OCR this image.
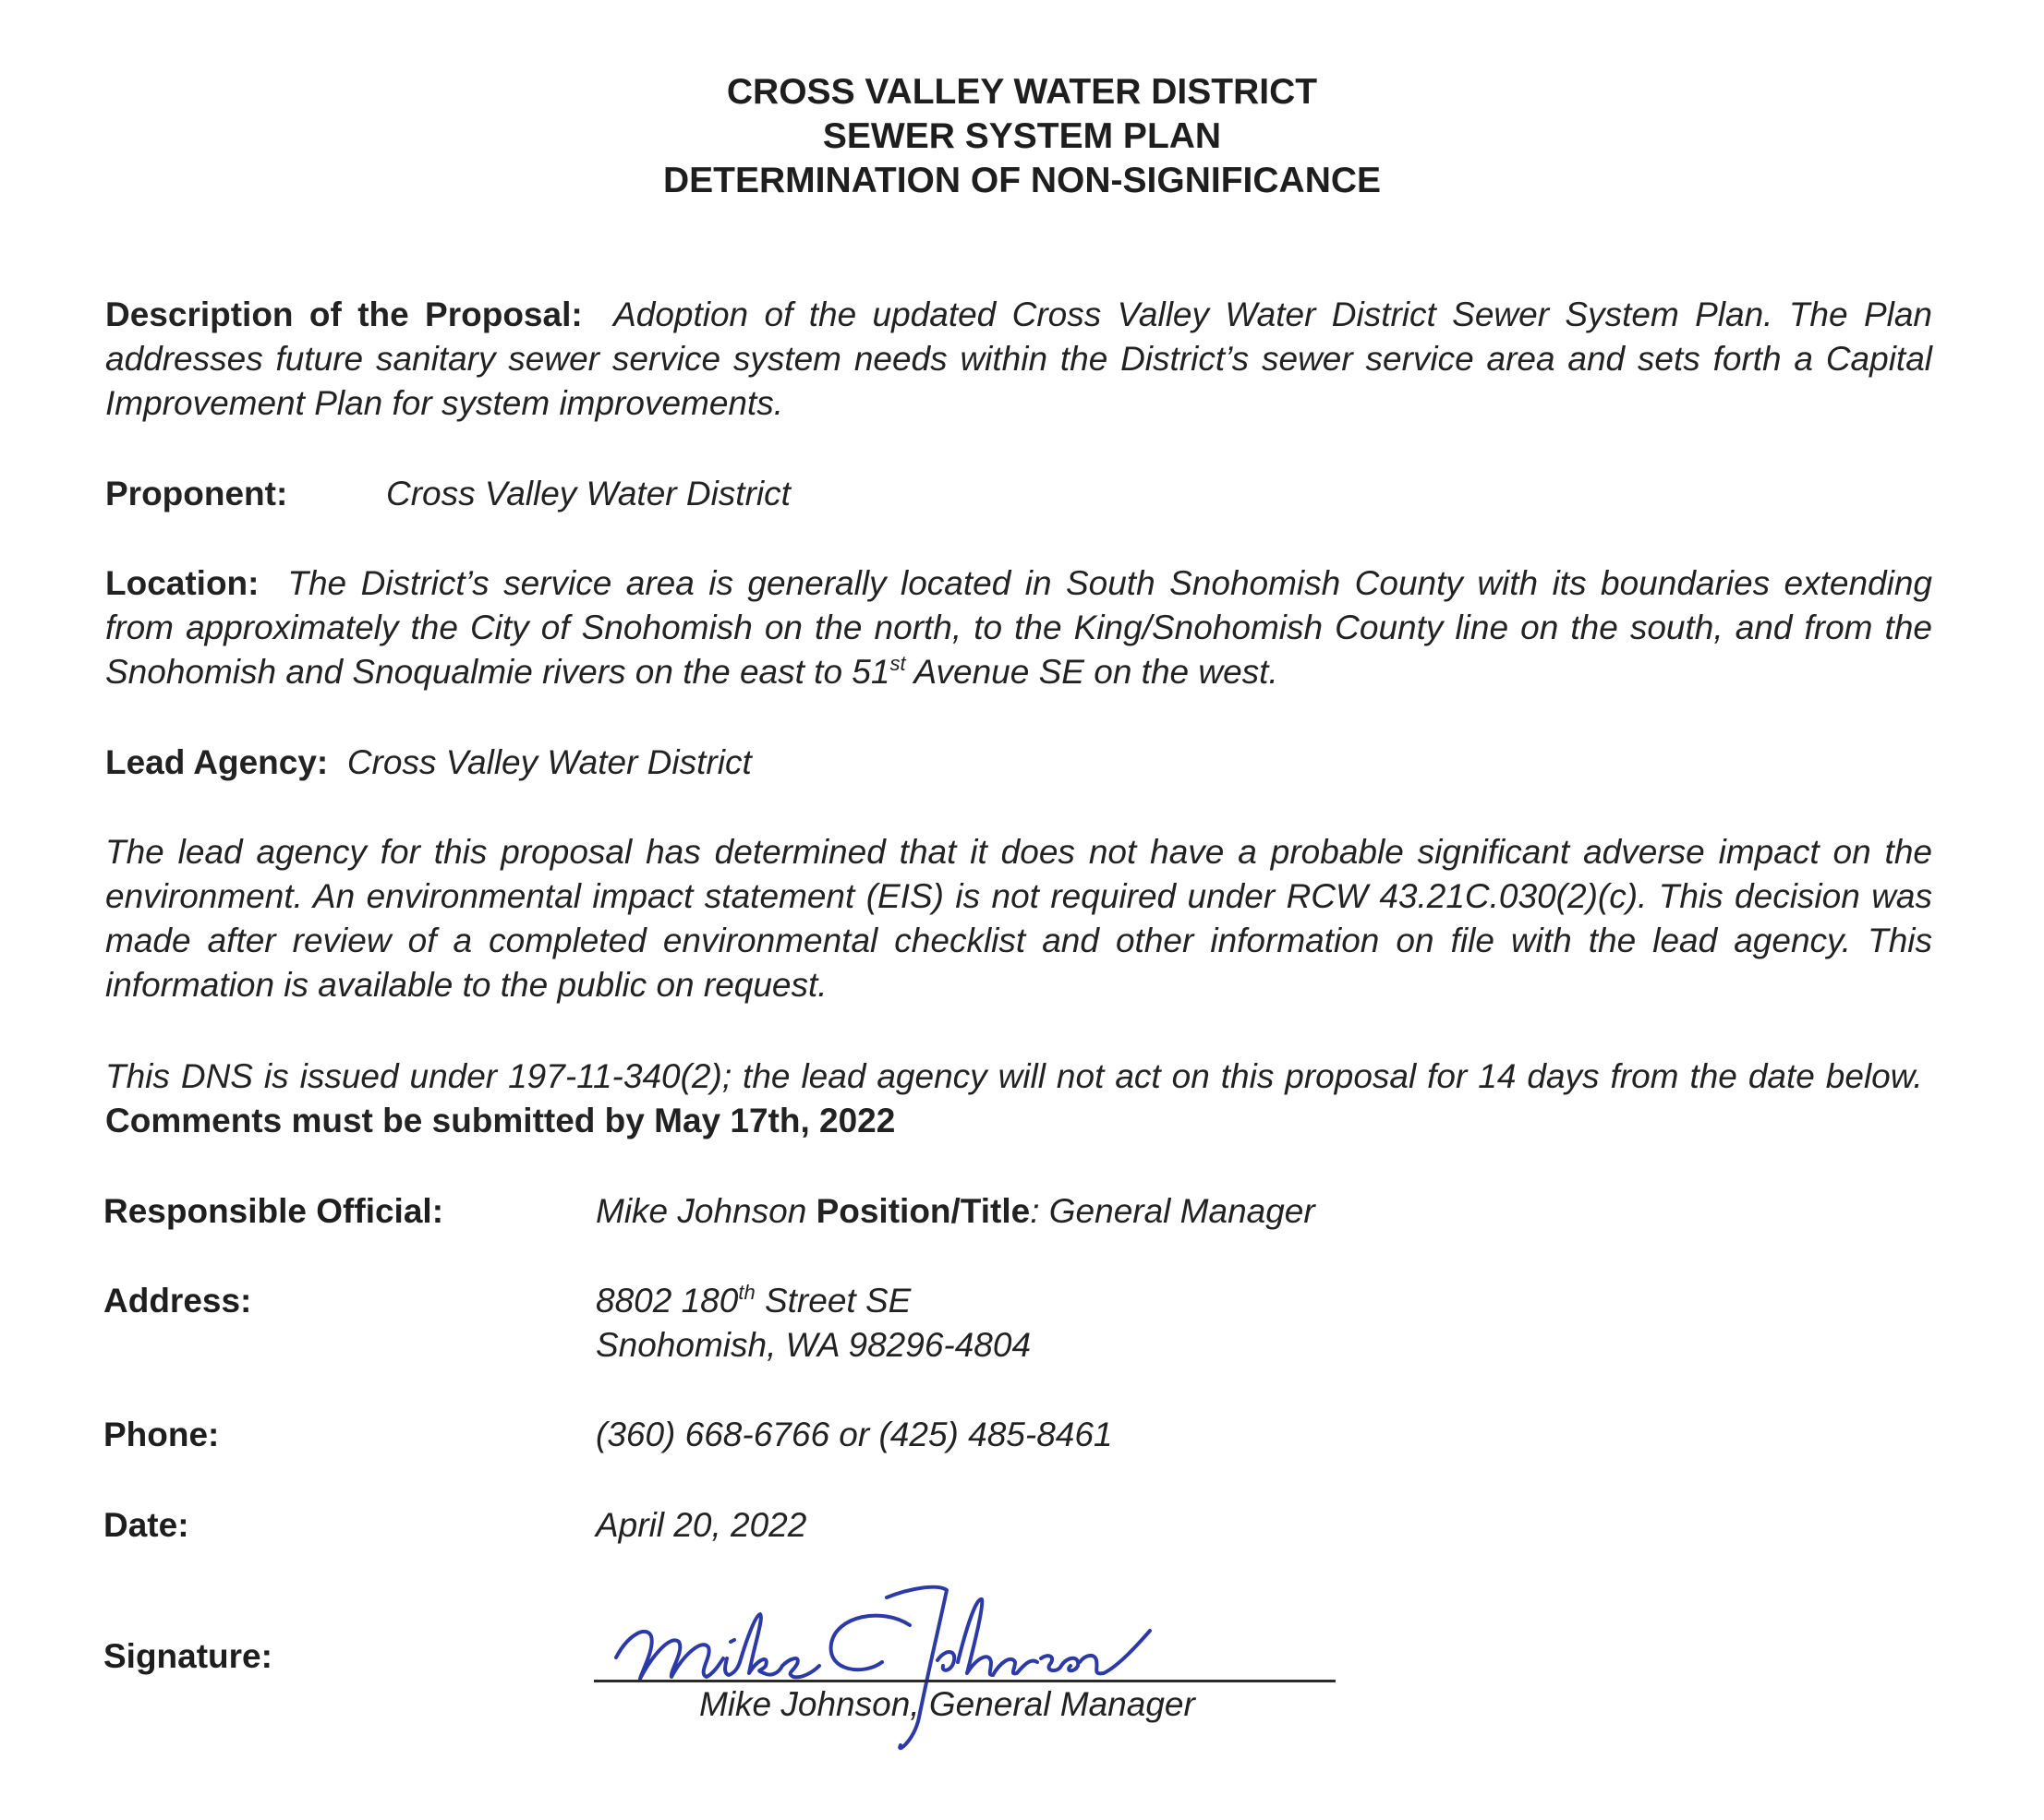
CROSS VALLEY WATER DISTRICT
SEWER SYSTEM PLAN
DETERMINATION OF NON-SIGNIFICANCE
Description of the Proposal: Adoption of the updated Cross Valley Water District Sewer System Plan. The Plan addresses future sanitary sewer service system needs within the District’s sewer service area and sets forth a Capital Improvement Plan for system improvements.
Proponent:	Cross Valley Water District
Location: The District’s service area is generally located in South Snohomish County with its boundaries extending from approximately the City of Snohomish on the north, to the King/Snohomish County line on the south, and from the Snohomish and Snoqualmie rivers on the east to 51st Avenue SE on the west.
Lead Agency: Cross Valley Water District
The lead agency for this proposal has determined that it does not have a probable significant adverse impact on the environment. An environmental impact statement (EIS) is not required under RCW 43.21C.030(2)(c). This decision was made after review of a completed environmental checklist and other information on file with the lead agency. This information is available to the public on request.
This DNS is issued under 197-11-340(2); the lead agency will not act on this proposal for 14 days from the date below.  Comments must be submitted by May 17th, 2022
Responsible Official:	Mike Johnson Position/Title: General Manager
Address:	8802 180th Street SE
Snohomish, WA 98296-4804
Phone:	(360) 668-6766 or (425) 485-8461
Date:	April 20, 2022
Signature:
Mike Johnson, General Manager
